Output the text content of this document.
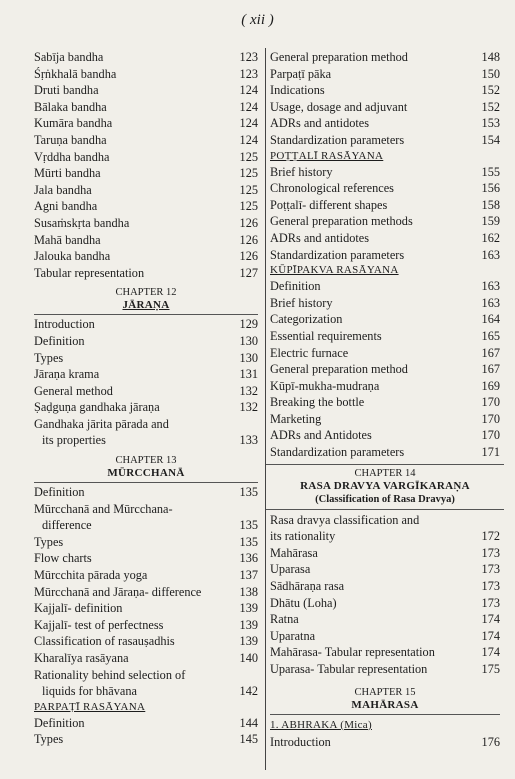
( xii )
Sabīja bandha	123
Śṛṅkhalā bandha	123
Druti bandha	124
Bālaka bandha	124
Kumāra bandha	124
Taruṇa bandha	124
Vṛddha bandha	125
Mūrti bandha	125
Jala bandha	125
Agni bandha	125
Susaṁskṛta bandha	126
Mahā bandha	126
Jalouka bandha	126
Tabular representation	127
CHAPTER 12
JĀRAṆA
Introduction	129
Definition	130
Types	130
Jāraṇa krama	131
General method	132
Ṣaḍguṇa gandhaka jāraṇa	132
Gandhaka jārita pārada and
its properties	133
CHAPTER 13
MŪRCCHANĀ
Definition	135
Mūrcchanā and Mūrcchana-
difference	135
Types	135
Flow charts	136
Mūrcchita pārada yoga	137
Mūrcchanā and Jāraṇa- difference	138
Kajjalī- definition	139
Kajjalī- test of perfectness	139
Classification of rasauṣadhis	139
Kharalīya rasāyana	140
Rationality behind selection of
liquids for bhāvana	142
PARPAṬĪ RASĀYANA
Definition	144
Types	145
General preparation method	148
Parpaṭī pāka	150
Indications	152
Usage, dosage and adjuvant	152
ADRs and antidotes	153
Standardization parameters	154
POṬṬALĪ RASĀYANA
Brief history	155
Chronological references	156
Poṭṭalī- different shapes	158
General preparation methods	159
ADRs and antidotes	162
Standardization parameters	163
KŪPĪPAKVA RASĀYANA
Definition	163
Brief history	163
Categorization	164
Essential requirements	165
Electric furnace	167
General preparation method	167
Kūpī-mukha-mudraṇa	169
Breaking the bottle	170
Marketing	170
ADRs and Antidotes	170
Standardization parameters	171
CHAPTER 14
RASA DRAVYA VARGĪKARAṆA
(Classification of Rasa Dravya)
Rasa dravya classification and
its rationality	172
Mahārasa	173
Uparasa	173
Sādhāraṇa rasa	173
Dhātu (Loha)	173
Ratna	174
Uparatna	174
Mahārasa- Tabular representation	174
Uparasa- Tabular representation	175
CHAPTER 15
MAHĀRASA
1. ABHRAKA (Mica)
Introduction	176
